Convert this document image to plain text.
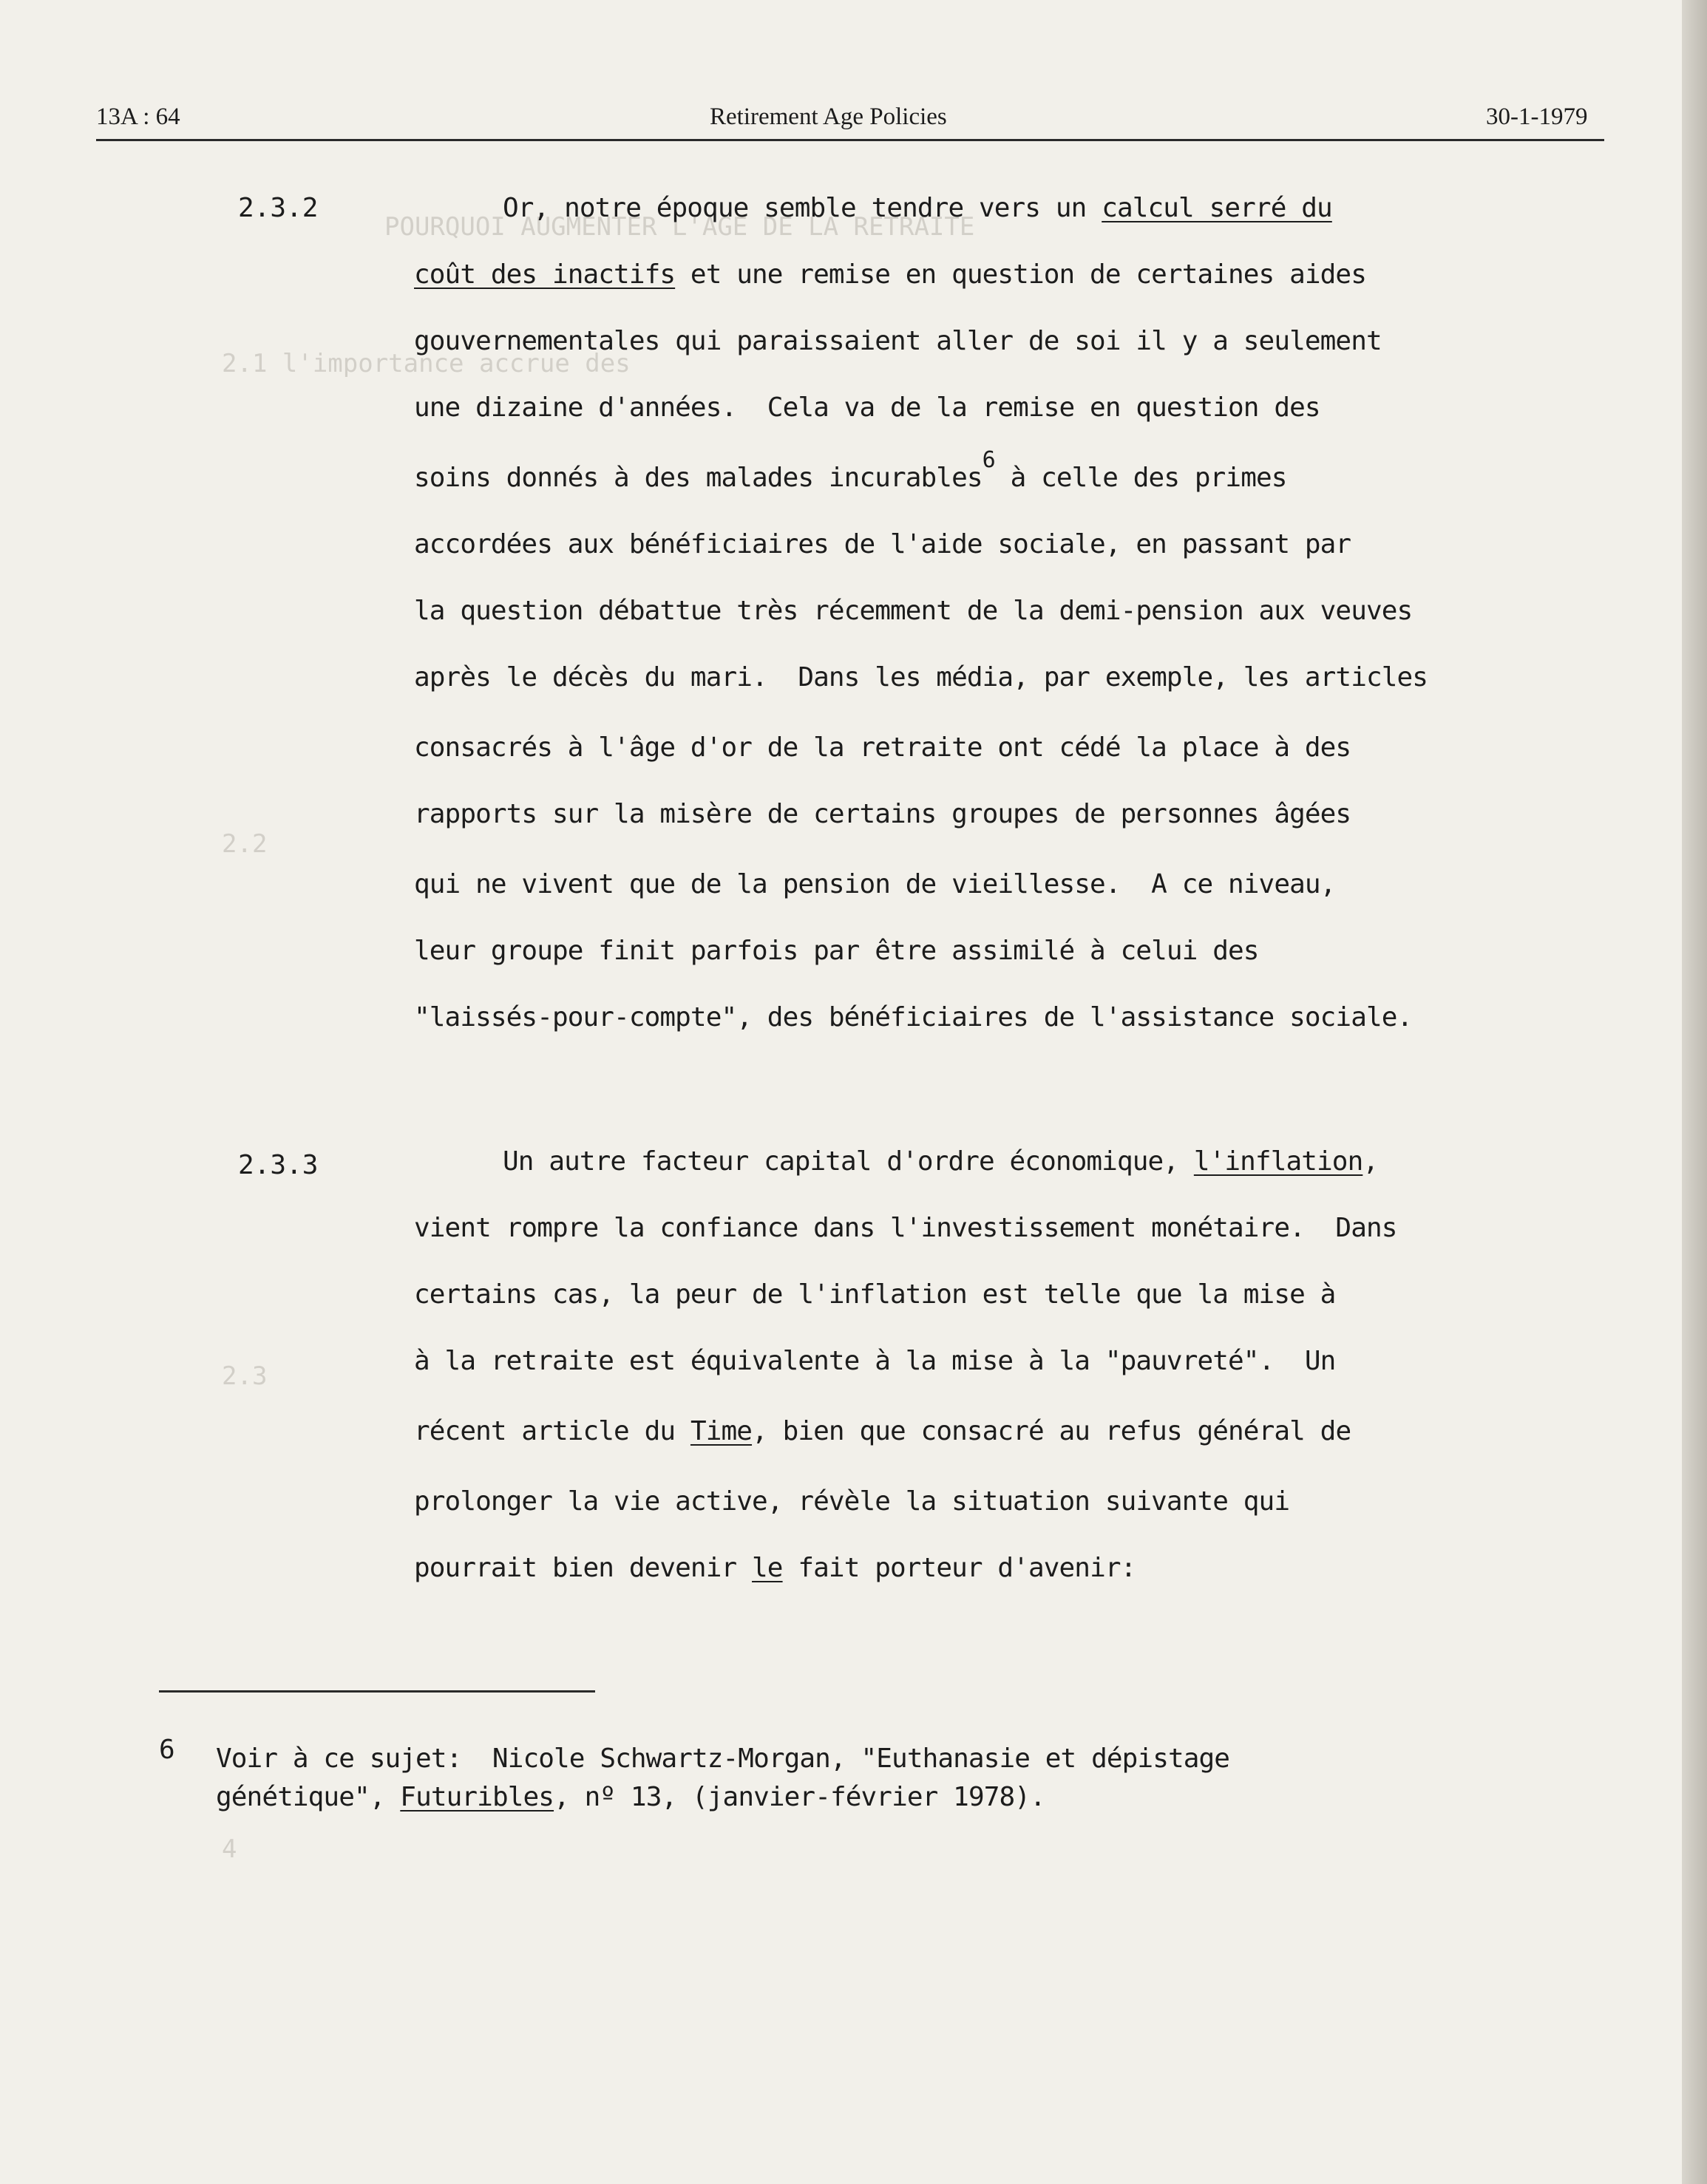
POURQUOI AUGMENTER L'AGE DE LA RETRAITE
2.1 l'importance accrue des
2.2
2.3
4
13A : 64	Retirement Age Policies	30-1-1979
2.3.2	Or, notre époque semble tendre vers un calcul serré du
coût des inactifs et une remise en question de certaines aides
gouvernementales qui paraissaient aller de soi il y a seulement
une dizaine d'années.  Cela va de la remise en question des
soins donnés à des malades incurables$^6$ à celle des primes
accordées aux bénéficiaires de l'aide sociale, en passant par
la question débattue très récemment de la demi-pension aux veuves
après le décès du mari.  Dans les média, par exemple, les articles
consacrés à l'âge d'or de la retraite ont cédé la place à des
rapports sur la misère de certains groupes de personnes âgées
qui ne vivent que de la pension de vieillesse.  A ce niveau,
leur groupe finit parfois par être assimilé à celui des
"laissés-pour-compte", des bénéficiaires de l'assistance sociale.
2.3.3	Un autre facteur capital d'ordre économique, l'inflation,
vient rompre la confiance dans l'investissement monétaire.  Dans
certains cas, la peur de l'inflation est telle que la mise à
à la retraite est équivalente à la mise à la "pauvreté".  Un
récent article du Time, bien que consacré au refus général de
prolonger la vie active, révèle la situation suivante qui
pourrait bien devenir le fait porteur d'avenir:
6 Voir à ce sujet:  Nicole Schwartz-Morgan, "Euthanasie et dépistage
génétique", Futuribles, nº 13, (janvier-février 1978).
